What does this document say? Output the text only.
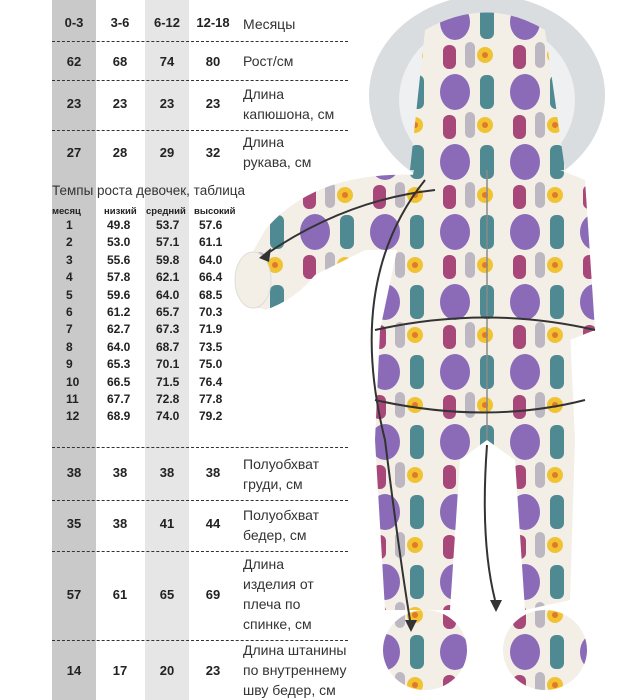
0-3	3-6	6-12	12-18 Месяцы
62	68	74	80	Рост/см
23	23	23	23
Длина
капюшона, см
27	28	29	32
Длина
рукава, см
Темпы роста девочек, таблица
месяц низкий средний высокий
1	49.8 53.7 57.6
2	53.0 57.1 61.1
3	55.6 59.8 64.0
4	57.8 62.1 66.4
5	59.6 64.0 68.5
6	61.2 65.7 70.3
7	62.7 67.3 71.9
8	64.0 68.7 73.5
9	65.3 70.1 75.0
10 66.5 71.5 76.4
11 67.7 72.8 77.8
12 68.9 74.0 79.2
38	38	38	38
Полуобхват
груди, см
35	38	41	44
Полуобхват
бедер, см
57	61	65	69
Длина
изделия от
плеча по
спинке, см
14	17	20	23
Длина штанины
по внутреннему
шву бедер, см
